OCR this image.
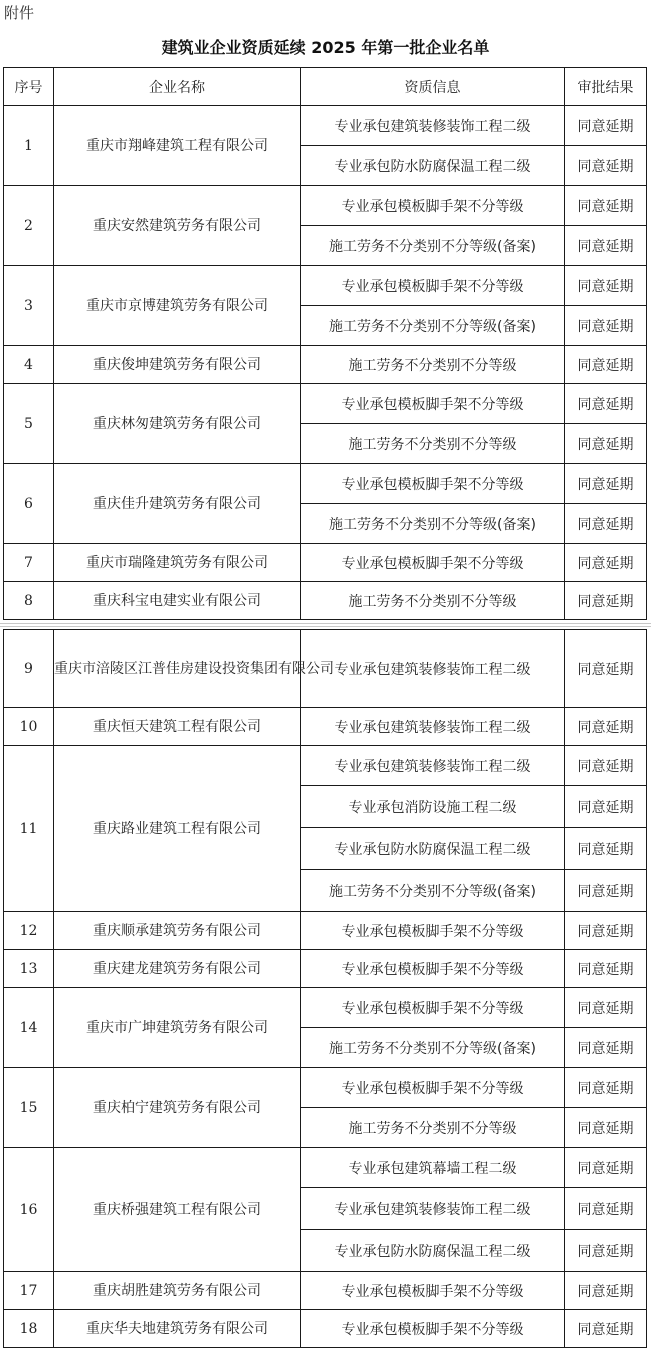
附件
建筑业企业资质延续 2025 年第一批企业名单
序号	企业名称	资质信息	审批结果
1	重庆市翔峰建筑工程有限公司	专业承包建筑装修装饰工程二级	同意延期
		专业承包防水防腐保温工程二级	同意延期
2	重庆安然建筑劳务有限公司	专业承包模板脚手架不分等级	同意延期
		施工劳务不分类别不分等级(备案)	同意延期
3	重庆市京博建筑劳务有限公司	专业承包模板脚手架不分等级	同意延期
		施工劳务不分类别不分等级(备案)	同意延期
4	重庆俊坤建筑劳务有限公司	施工劳务不分类别不分等级	同意延期
5	重庆林匆建筑劳务有限公司	专业承包模板脚手架不分等级	同意延期
		施工劳务不分类别不分等级	同意延期
6	重庆佳升建筑劳务有限公司	专业承包模板脚手架不分等级	同意延期
		施工劳务不分类别不分等级(备案)	同意延期
7	重庆市瑞隆建筑劳务有限公司	专业承包模板脚手架不分等级	同意延期
8	重庆科宝电建实业有限公司	施工劳务不分类别不分等级	同意延期
9	重庆市涪陵区江普佳房建设投资集团有限公司	专业承包建筑装修装饰工程二级	同意延期
10	重庆恒天建筑工程有限公司	专业承包建筑装修装饰工程二级	同意延期
11	重庆路业建筑工程有限公司	专业承包建筑装修装饰工程二级	同意延期
		专业承包消防设施工程二级	同意延期
		专业承包防水防腐保温工程二级	同意延期
		施工劳务不分类别不分等级(备案)	同意延期
12	重庆顺承建筑劳务有限公司	专业承包模板脚手架不分等级	同意延期
13	重庆建龙建筑劳务有限公司	专业承包模板脚手架不分等级	同意延期
14	重庆市广坤建筑劳务有限公司	专业承包模板脚手架不分等级	同意延期
		施工劳务不分类别不分等级(备案)	同意延期
15	重庆柏宁建筑劳务有限公司	专业承包模板脚手架不分等级	同意延期
		施工劳务不分类别不分等级	同意延期
16	重庆桥强建筑工程有限公司	专业承包建筑幕墙工程二级	同意延期
		专业承包建筑装修装饰工程二级	同意延期
		专业承包防水防腐保温工程二级	同意延期
17	重庆胡胜建筑劳务有限公司	专业承包模板脚手架不分等级	同意延期
18	重庆华夫地建筑劳务有限公司	专业承包模板脚手架不分等级	同意延期
